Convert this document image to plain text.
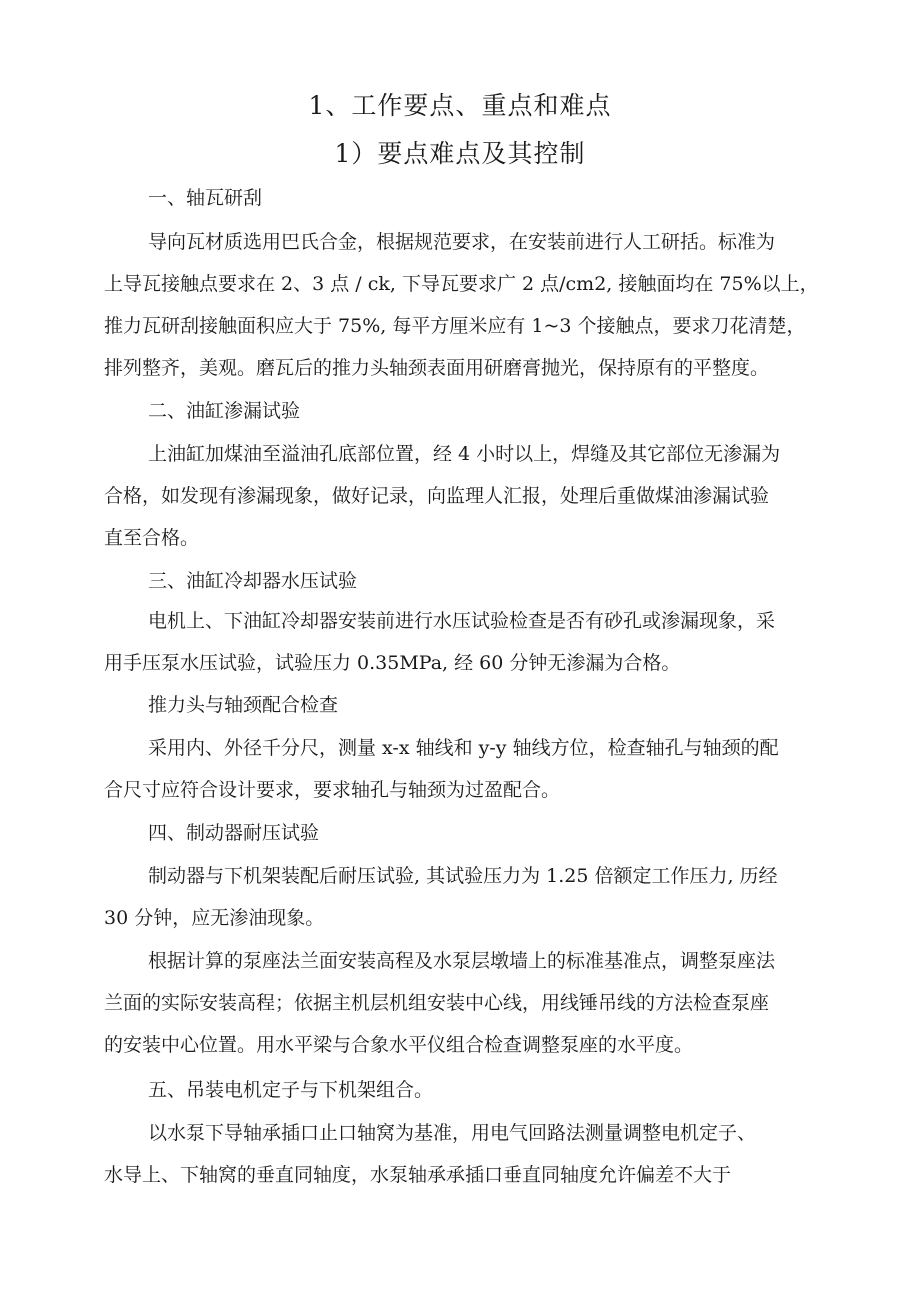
1、工作要点、重点和难点
1）要点难点及其控制
一、轴瓦研刮
导向瓦材质选用巴氏合金，根据规范要求，在安装前进行人工研括。标准为
上导瓦接触点要求在 2、3 点 / ck, 下导瓦要求广 2 点/cm2, 接触面均在 75%以上，
推力瓦研刮接触面积应大于 75%, 每平方厘米应有 1~3 个接触点，要求刀花清楚，
排列整齐，美观。磨瓦后的推力头轴颈表面用研磨膏抛光，保持原有的平整度。
二、油缸渗漏试验
上油缸加煤油至溢油孔底部位置，经 4 小时以上，焊缝及其它部位无渗漏为
合格，如发现有渗漏现象，做好记录，向监理人汇报，处理后重做煤油渗漏试验
直至合格。
三、油缸冷却器水压试验
电机上、下油缸冷却器安装前进行水压试验检查是否有砂孔或渗漏现象，采
用手压泵水压试验，试验压力 0.35MPa, 经 60 分钟无渗漏为合格。
推力头与轴颈配合检查
采用内、外径千分尺，测量 x-x 轴线和 y-y 轴线方位，检查轴孔与轴颈的配
合尺寸应符合设计要求，要求轴孔与轴颈为过盈配合。
四、制动器耐压试验
制动器与下机架装配后耐压试验, 其试验压力为 1.25 倍额定工作压力, 历经
30 分钟，应无渗油现象。
根据计算的泵座法兰面安装高程及水泵层墩墙上的标准基准点，调整泵座法
兰面的实际安装高程；依据主机层机组安装中心线，用线锤吊线的方法检查泵座
的安装中心位置。用水平梁与合象水平仪组合检查调整泵座的水平度。
五、吊装电机定子与下机架组合。
以水泵下导轴承插口止口轴窝为基准，用电气回路法测量调整电机定子、
水导上、下轴窝的垂直同轴度，水泵轴承承插口垂直同轴度允许偏差不大于
